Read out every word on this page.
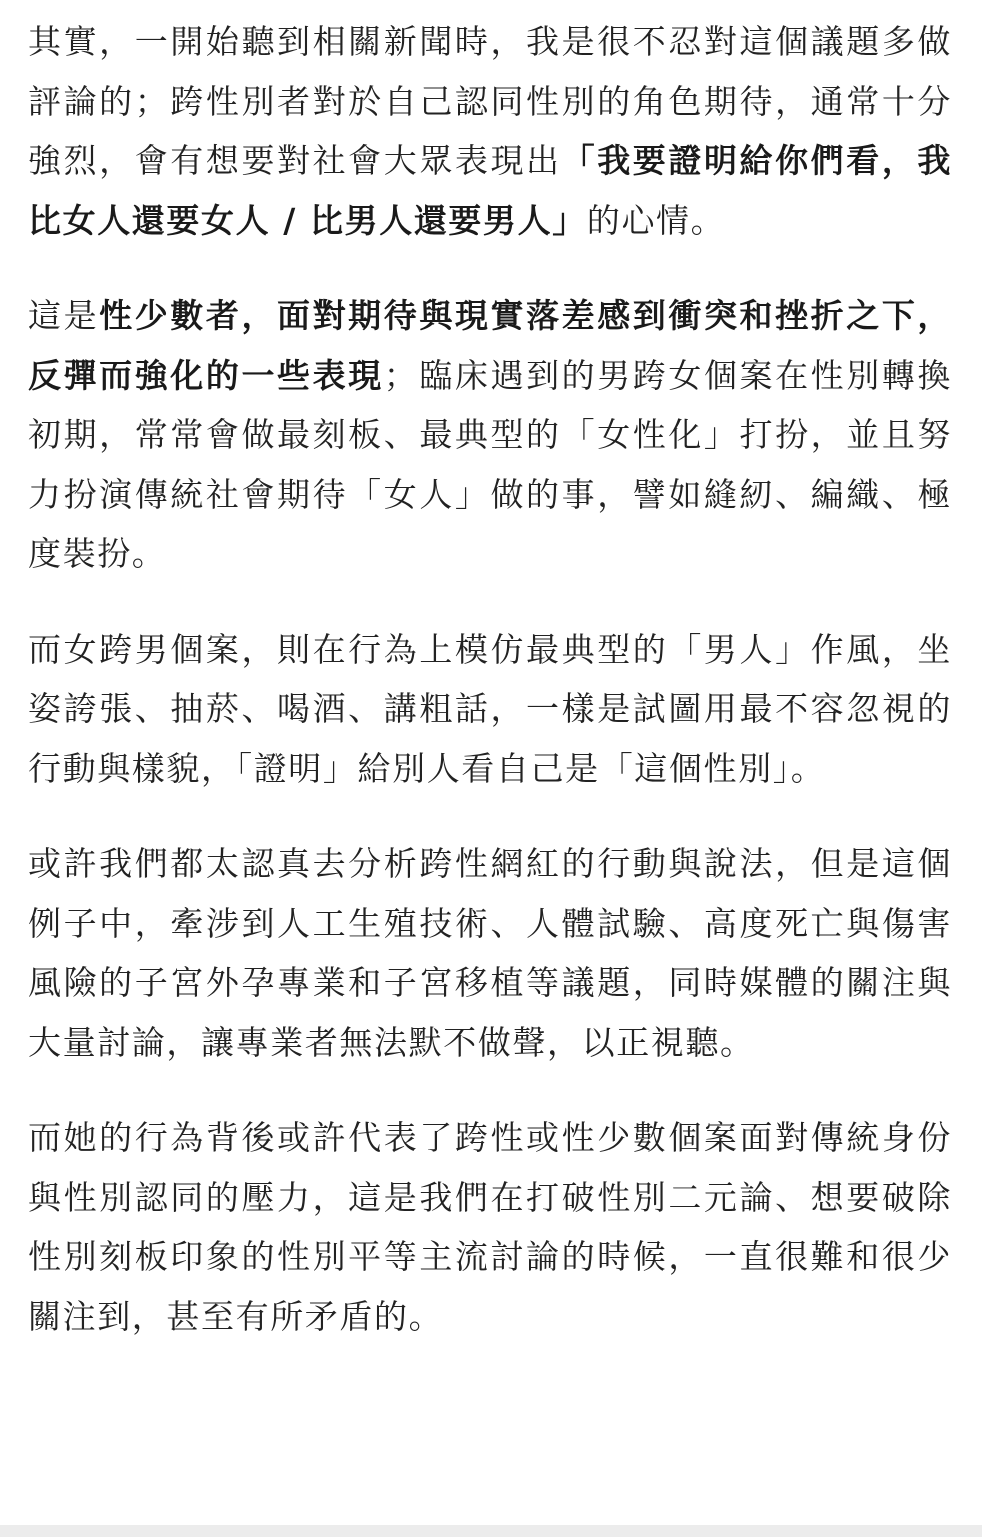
其實，一開始聽到相關新聞時，我是很不忍對這個議題多做評論的；跨性別者對於自己認同性別的角色期待，通常十分強烈，會有想要對社會大眾表現出「我要證明給你們看，我比女人還要女人 / 比男人還要男人」的心情。

這是性少數者，面對期待與現實落差感到衝突和挫折之下，反彈而強化的一些表現；臨床遇到的男跨女個案在性別轉換初期，常常會做最刻板、最典型的「女性化」打扮，並且努力扮演傳統社會期待「女人」做的事，譬如縫紉、編織、極度裝扮。

而女跨男個案，則在行為上模仿最典型的「男人」作風，坐姿誇張、抽菸、喝酒、講粗話，一樣是試圖用最不容忽視的行動與樣貌，「證明」給別人看自己是「這個性別」。

或許我們都太認真去分析跨性網紅的行動與說法，但是這個例子中，牽涉到人工生殖技術、人體試驗、高度死亡與傷害風險的子宮外孕專業和子宮移植等議題，同時媒體的關注與大量討論，讓專業者無法默不做聲，以正視聽。

而她的行為背後或許代表了跨性或性少數個案面對傳統身份與性別認同的壓力，這是我們在打破性別二元論、想要破除性別刻板印象的性別平等主流討論的時候，一直很難和很少關注到，甚至有所矛盾的。
